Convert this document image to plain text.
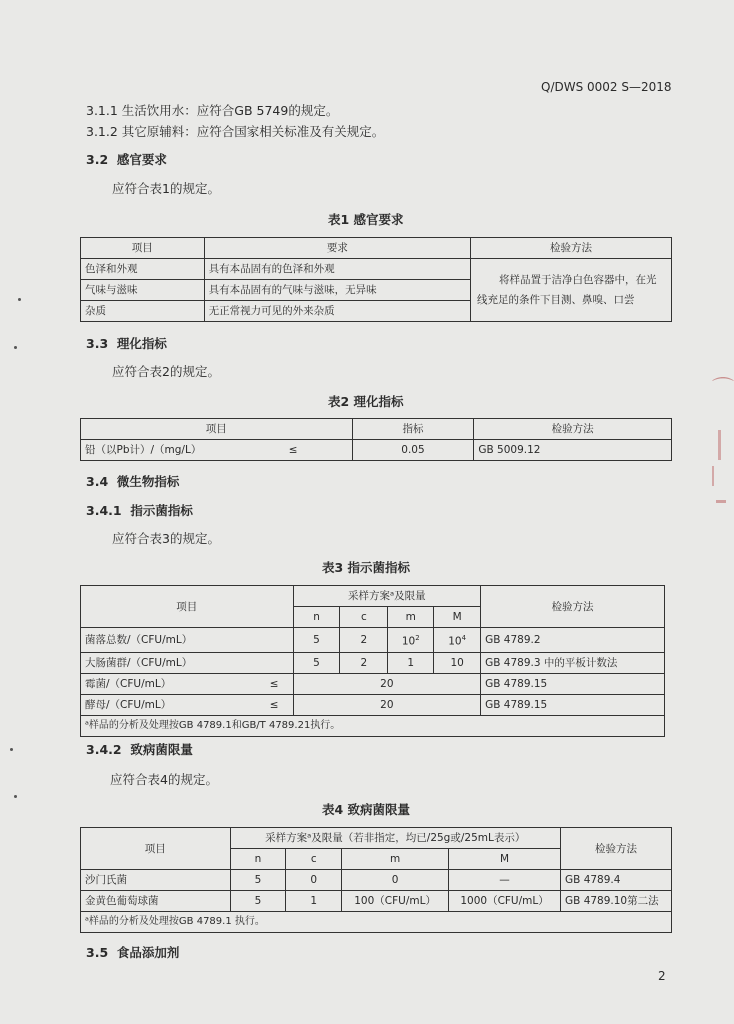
Q/DWS 0002 S—2018
3.1.1 生活饮用水：应符合GB 5749的规定。
3.1.2 其它原辅料：应符合国家相关标准及有关规定。
3.2 感官要求
应符合表1的规定。
表1 感官要求
项目	要求	检验方法
色泽和外观	具有本品固有的色泽和外观	将样品置于洁净白色容器中，在光
线充足的条件下目测、鼻嗅、口尝

气味与滋味	具有本品固有的气味与滋味，无异味	
杂质	无正常视力可见的外来杂质	
3.3 理化指标
应符合表2的规定。
表2 理化指标
项目	指标	检验方法
铅（以Pb计）/（mg/L） ≤	0.05	GB 5009.12
3.4 微生物指标
3.4.1 指示菌指标
应符合表3的规定。
表3 指示菌指标
项目	采样方案ᵃ及限量				检验方法
	n	c	m	M	
菌落总数/（CFU/mL）	5	2	$10^2$	$10^4$	GB 4789.2
大肠菌群/（CFU/mL）	5	2	1	10	GB 4789.3 中的平板计数法
霉菌/（CFU/mL） ≤	20				GB 4789.15
酵母/（CFU/mL） ≤	20				GB 4789.15
ᵃ样品的分析及处理按GB 4789.1和GB/T 4789.21执行。					
3.4.2 致病菌限量
应符合表4的规定。
表4 致病菌限量
项目	采样方案ᵃ及限量（若非指定，均已/25g或/25mL表示）				检验方法
	n	c	m	M	
沙门氏菌	5	0	0	—	GB 4789.4
金黄色葡萄球菌	5	1	100（CFU/mL）	1000（CFU/mL）	GB 4789.10第二法
ᵃ样品的分析及处理按GB 4789.1 执行。					
3.5 食品添加剂
2
⌒
